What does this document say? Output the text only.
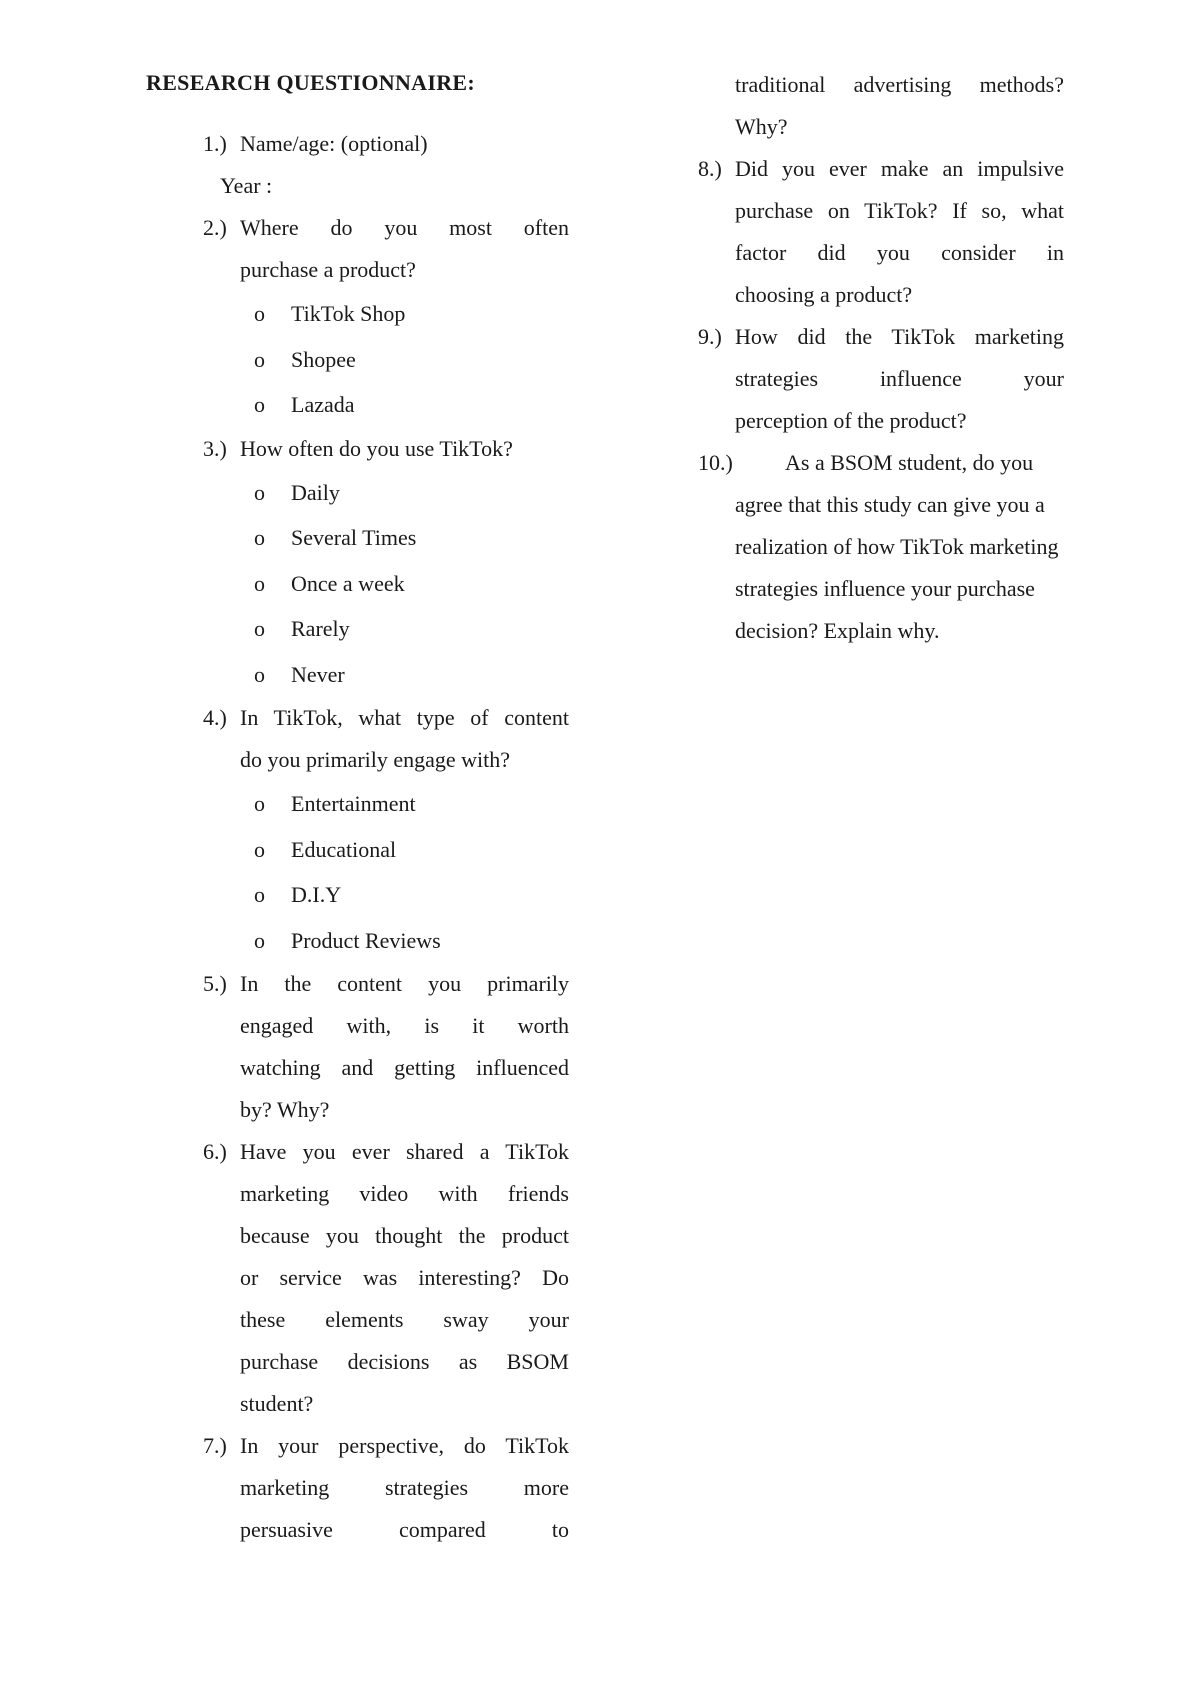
RESEARCH QUESTIONNAIRE:
1.) Name/age: (optional)
Year :
2.) Where do you most often
purchase a product?
o TikTok Shop
o Shopee
o Lazada
3.) How often do you use TikTok?
o Daily
o Several Times
o Once a week
o Rarely
o Never
4.) In TikTok, what type of content
do you primarily engage with?
o Entertainment
o Educational
o D.I.Y
o Product Reviews
5.) In the content you primarily
engaged with, is it worth
watching and getting influenced
by? Why?
6.) Have you ever shared a TikTok
marketing video with friends
because you thought the product
or service was interesting? Do
these elements sway your
purchase decisions as BSOM
student?
7.) In your perspective, do TikTok
marketing strategies more
persuasive compared to
traditional advertising methods?
Why?
8.) Did you ever make an impulsive
purchase on TikTok? If so, what
factor did you consider in
choosing a product?
9.) How did the TikTok marketing
strategies influence your
perception of the product?
10.)	As a BSOM student, do you
agree that this study can give you a realization of how TikTok marketing strategies influence your purchase decision? Explain why.
